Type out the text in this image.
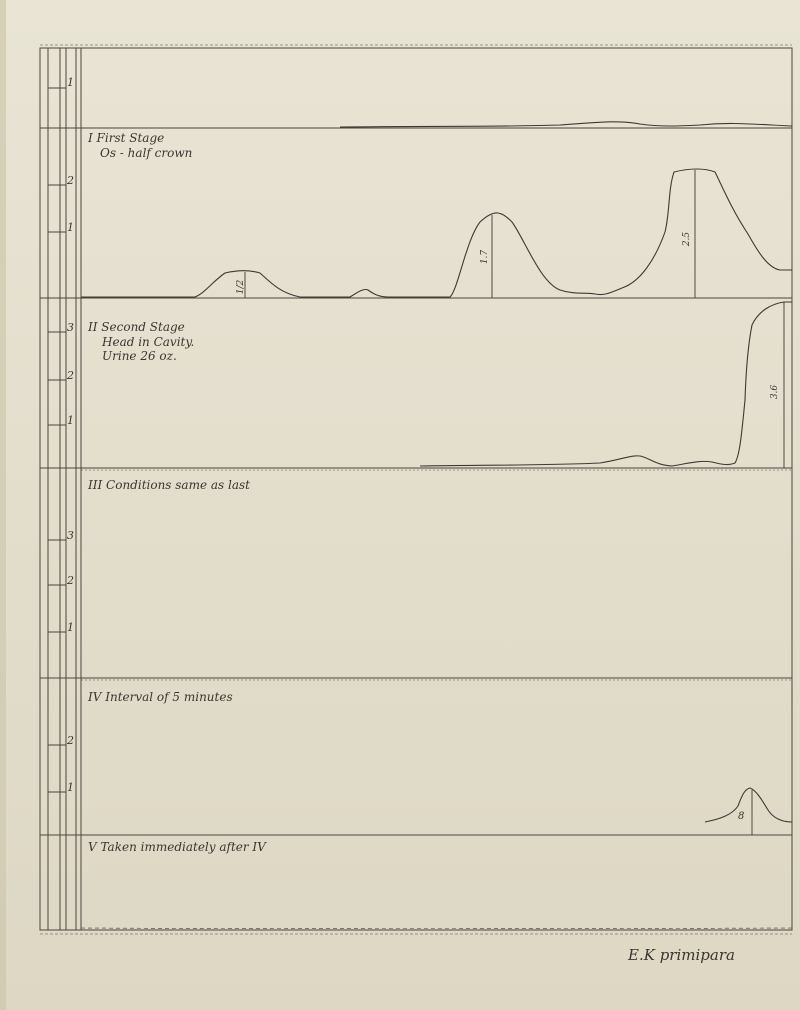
1
2
1
3
2
1
3
2
1
2
1
I First Stage
Os - half crown
II Second Stage
Head in Cavity.
Urine 26 oz.
III Conditions same as last
IV Interval of 5 minutes
V Taken immediately after IV
1/2
1.7
2.5
3.6
8
E.K primipara
